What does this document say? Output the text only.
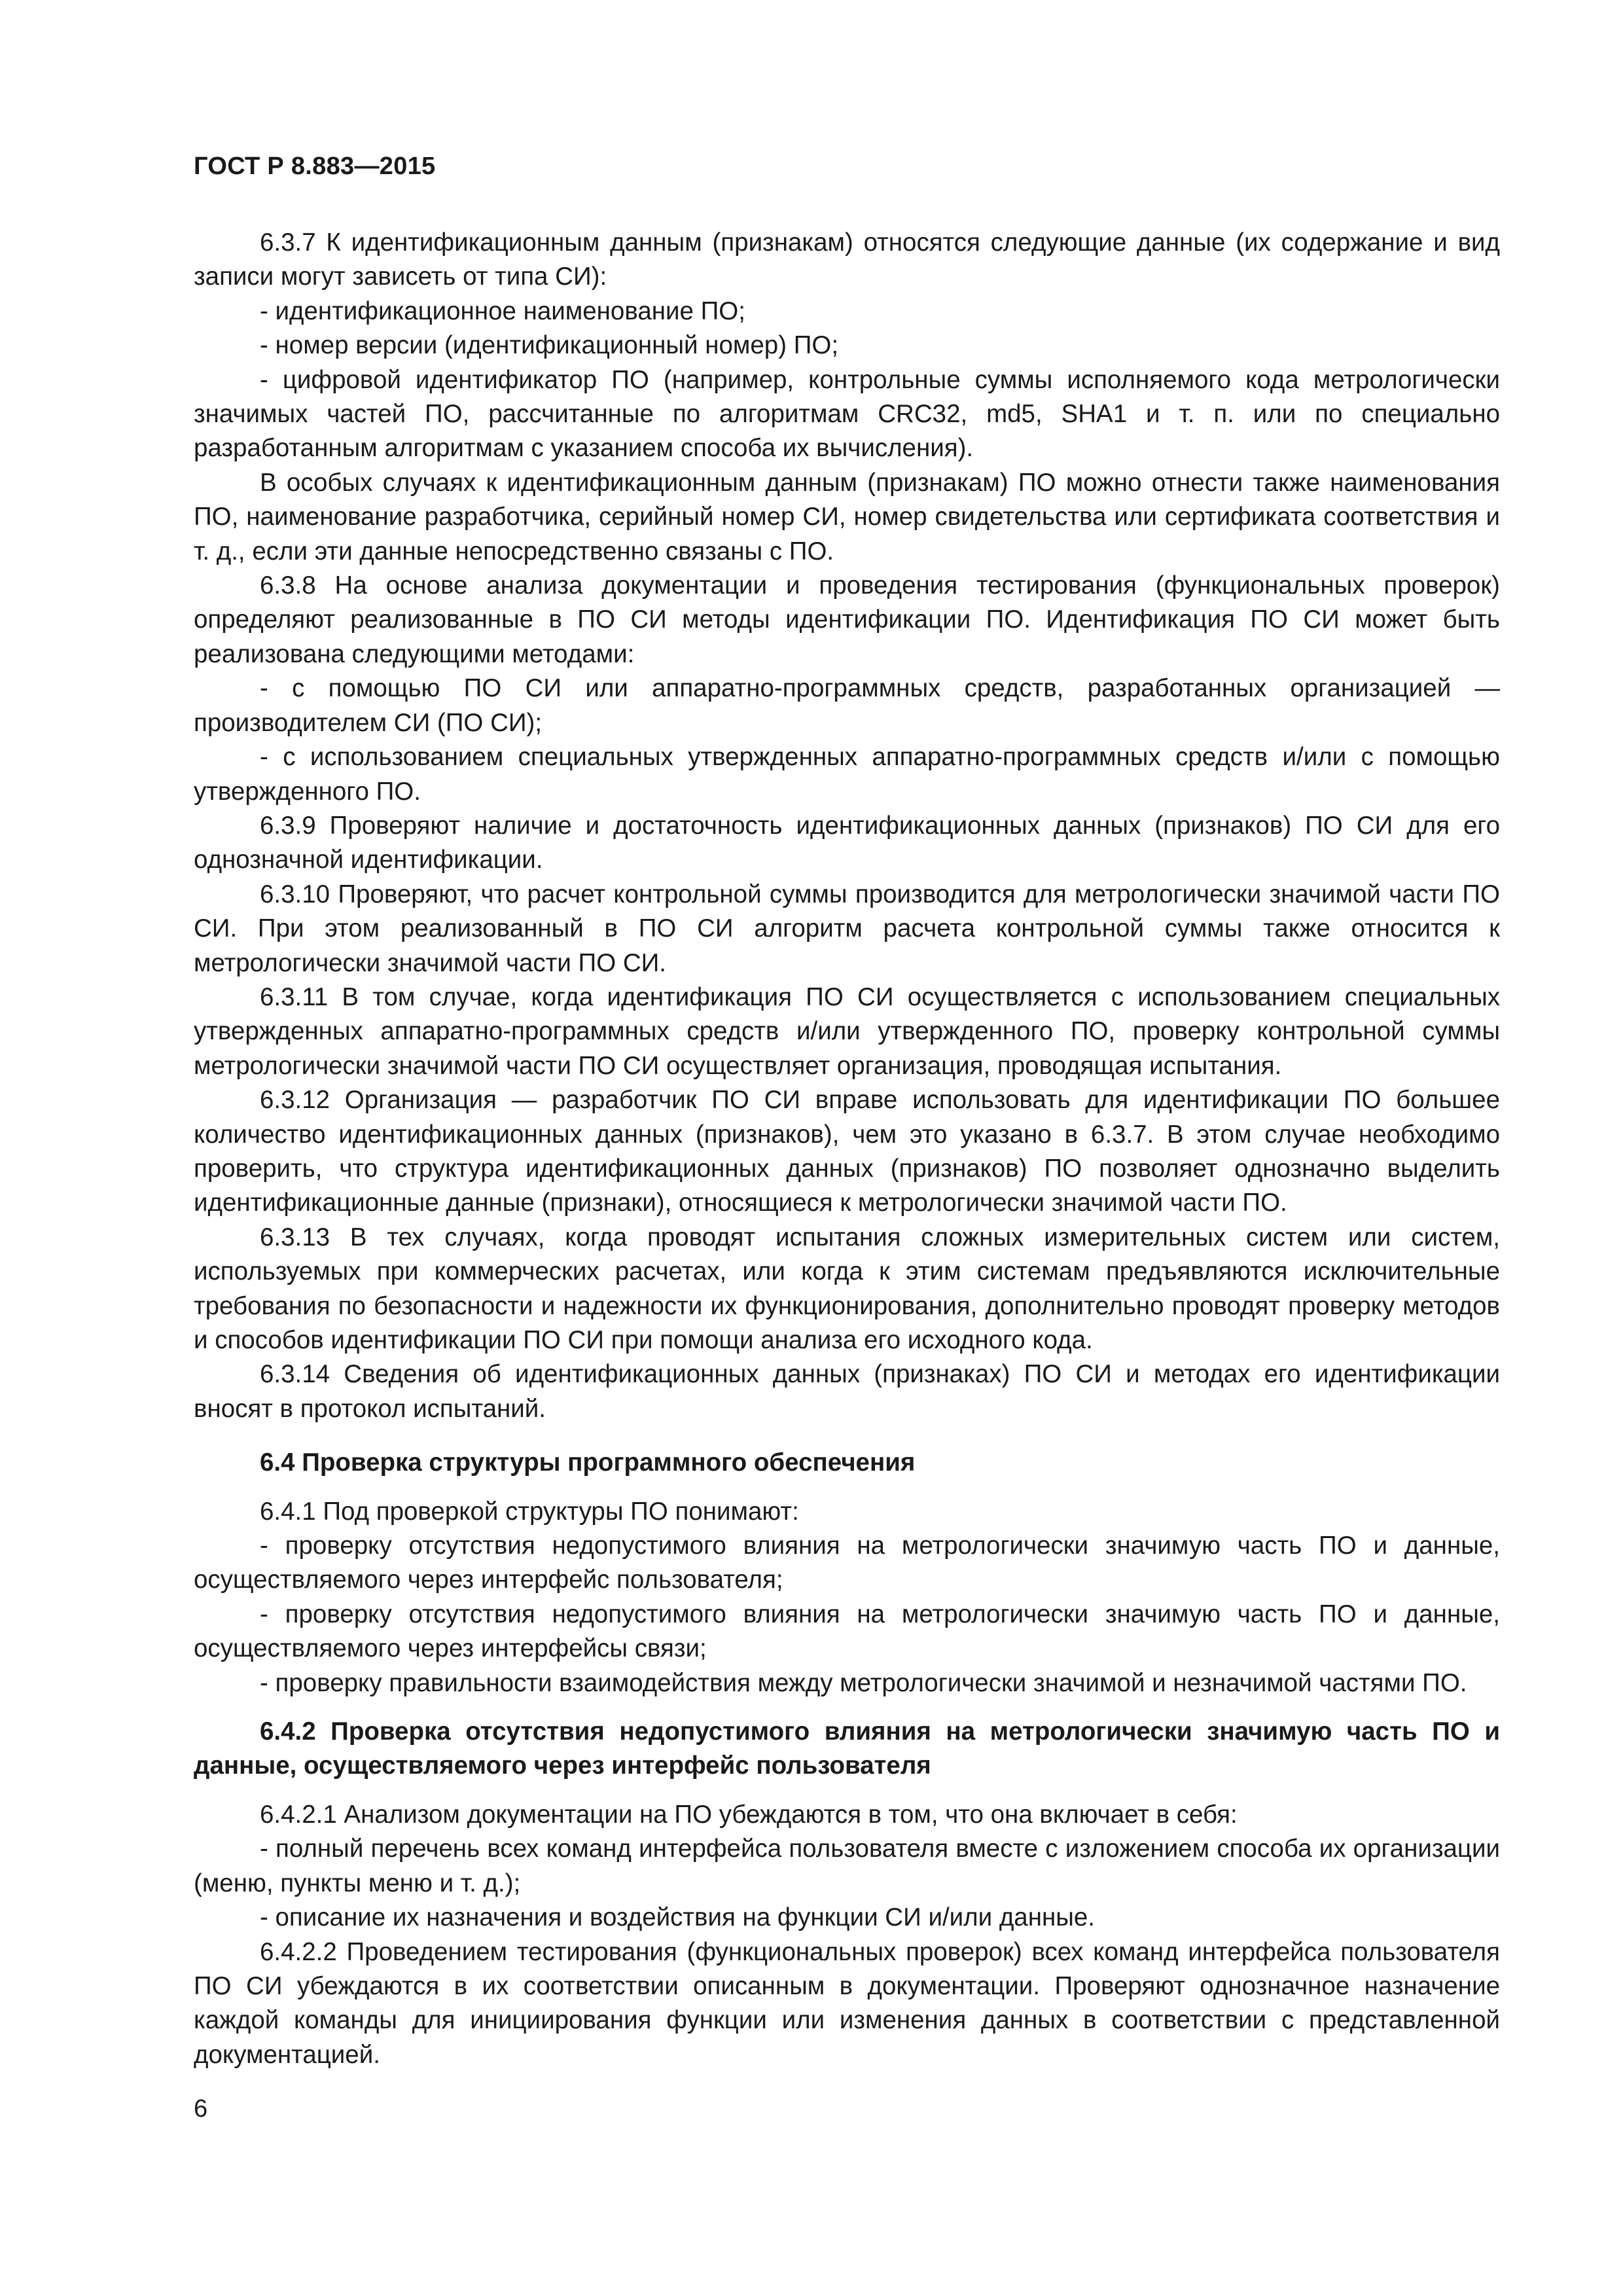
ГОСТ Р 8.883—2015

6.3.7 К идентификационным данным (признакам) относятся следующие данные (их содержание и вид записи могут зависеть от типа СИ):

- идентификационное наименование ПО;

- номер версии (идентификационный номер) ПО;

- цифровой идентификатор ПО (например, контрольные суммы исполняемого кода метрологически значимых частей ПО, рассчитанные по алгоритмам CRC32, md5, SHA1 и т. п. или по специально разработанным алгоритмам с указанием способа их вычисления).

В особых случаях к идентификационным данным (признакам) ПО можно отнести также наименования ПО, наименование разработчика, серийный номер СИ, номер свидетельства или сертификата соответствия и т. д., если эти данные непосредственно связаны с ПО.

6.3.8 На основе анализа документации и проведения тестирования (функциональных проверок) определяют реализованные в ПО СИ методы идентификации ПО. Идентификация ПО СИ может быть реализована следующими методами:

- с помощью ПО СИ или аппаратно-программных средств, разработанных организацией — производителем СИ (ПО СИ);

- с использованием специальных утвержденных аппаратно-программных средств и/или с помощью утвержденного ПО.

6.3.9 Проверяют наличие и достаточность идентификационных данных (признаков) ПО СИ для его однозначной идентификации.

6.3.10 Проверяют, что расчет контрольной суммы производится для метрологически значимой части ПО СИ. При этом реализованный в ПО СИ алгоритм расчета контрольной суммы также относится к метрологически значимой части ПО СИ.

6.3.11 В том случае, когда идентификация ПО СИ осуществляется с использованием специальных утвержденных аппаратно-программных средств и/или утвержденного ПО, проверку контрольной суммы метрологически значимой части ПО СИ осуществляет организация, проводящая испытания.

6.3.12 Организация — разработчик ПО СИ вправе использовать для идентификации ПО большее количество идентификационных данных (признаков), чем это указано в 6.3.7. В этом случае необходимо проверить, что структура идентификационных данных (признаков) ПО позволяет однозначно выделить идентификационные данные (признаки), относящиеся к метрологически значимой части ПО.

6.3.13 В тех случаях, когда проводят испытания сложных измерительных систем или систем, используемых при коммерческих расчетах, или когда к этим системам предъявляются исключительные требования по безопасности и надежности их функционирования, дополнительно проводят проверку методов и способов идентификации ПО СИ при помощи анализа его исходного кода.

6.3.14 Сведения об идентификационных данных (признаках) ПО СИ и методах его идентификации вносят в протокол испытаний.

6.4 Проверка структуры программного обеспечения

6.4.1 Под проверкой структуры ПО понимают:

- проверку отсутствия недопустимого влияния на метрологически значимую часть ПО и данные, осуществляемого через интерфейс пользователя;

- проверку отсутствия недопустимого влияния на метрологически значимую часть ПО и данные, осуществляемого через интерфейсы связи;

- проверку правильности взаимодействия между метрологически значимой и незначимой частями ПО.

6.4.2 Проверка отсутствия недопустимого влияния на метрологически значимую часть ПО и данные, осуществляемого через интерфейс пользователя

6.4.2.1 Анализом документации на ПО убеждаются в том, что она включает в себя:

- полный перечень всех команд интерфейса пользователя вместе с изложением способа их организации (меню, пункты меню и т. д.);

- описание их назначения и воздействия на функции СИ и/или данные.

6.4.2.2 Проведением тестирования (функциональных проверок) всех команд интерфейса пользователя ПО СИ убеждаются в их соответствии описанным в документации. Проверяют однозначное назначение каждой команды для инициирования функции или изменения данных в соответствии с представленной документацией.

6
